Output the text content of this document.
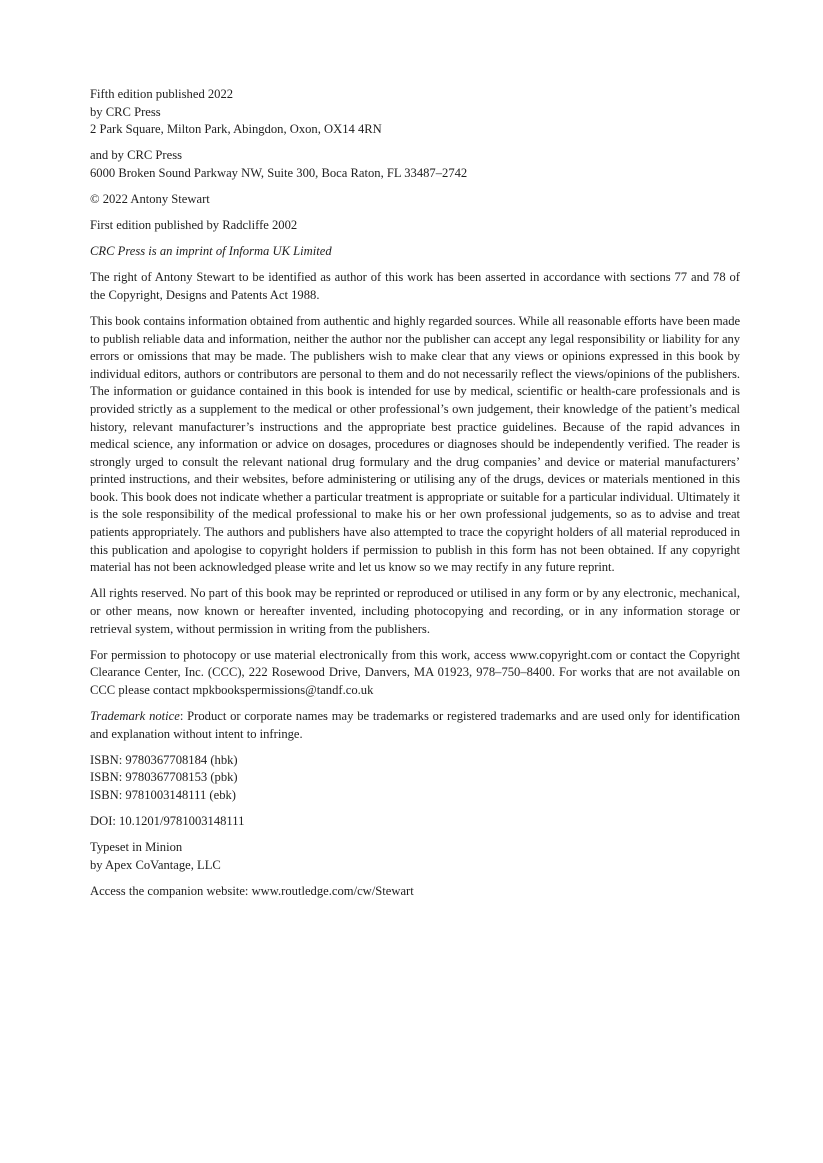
Fifth edition published 2022
by CRC Press
2 Park Square, Milton Park, Abingdon, Oxon, OX14 4RN
and by CRC Press
6000 Broken Sound Parkway NW, Suite 300, Boca Raton, FL 33487–2742
© 2022 Antony Stewart
First edition published by Radcliffe 2002
CRC Press is an imprint of Informa UK Limited

The right of Antony Stewart to be identified as author of this work has been asserted in accordance with sections 77 and 78 of the Copyright, Designs and Patents Act 1988.

This book contains information obtained from authentic and highly regarded sources. While all reasonable efforts have been made to publish reliable data and information, neither the author nor the publisher can accept any legal responsibility or liability for any errors or omissions that may be made. The publishers wish to make clear that any views or opinions expressed in this book by individual editors, authors or contributors are personal to them and do not necessarily reflect the views/opinions of the publishers. The information or guidance contained in this book is intended for use by medical, scientific or health-care professionals and is provided strictly as a supplement to the medical or other professional’s own judgement, their knowledge of the patient’s medical history, relevant manufacturer’s instructions and the appropriate best practice guidelines. Because of the rapid advances in medical science, any information or advice on dosages, procedures or diagnoses should be independently verified. The reader is strongly urged to consult the relevant national drug formulary and the drug companies’ and device or material manufacturers’ printed instructions, and their websites, before administering or utilising any of the drugs, devices or materials mentioned in this book. This book does not indicate whether a particular treatment is appropriate or suitable for a particular individual. Ultimately it is the sole responsibility of the medical professional to make his or her own professional judgements, so as to advise and treat patients appropriately. The authors and publishers have also attempted to trace the copyright holders of all material reproduced in this publication and apologise to copyright holders if permission to publish in this form has not been obtained. If any copyright material has not been acknowledged please write and let us know so we may rectify in any future reprint.

All rights reserved. No part of this book may be reprinted or reproduced or utilised in any form or by any electronic, mechanical, or other means, now known or hereafter invented, including photocopying and recording, or in any information storage or retrieval system, without permission in writing from the publishers.

For permission to photocopy or use material electronically from this work, access www.copyright.com or contact the Copyright Clearance Center, Inc. (CCC), 222 Rosewood Drive, Danvers, MA 01923, 978–750–8400. For works that are not available on CCC please contact mpkbookspermissions@tandf.co.uk

Trademark notice: Product or corporate names may be trademarks or registered trademarks and are used only for identification and explanation without intent to infringe.

ISBN: 9780367708184 (hbk)
ISBN: 9780367708153 (pbk)
ISBN: 9781003148111 (ebk)
DOI: 10.1201/9781003148111
Typeset in Minion
by Apex CoVantage, LLC
Access the companion website: www.routledge.com/cw/Stewart
